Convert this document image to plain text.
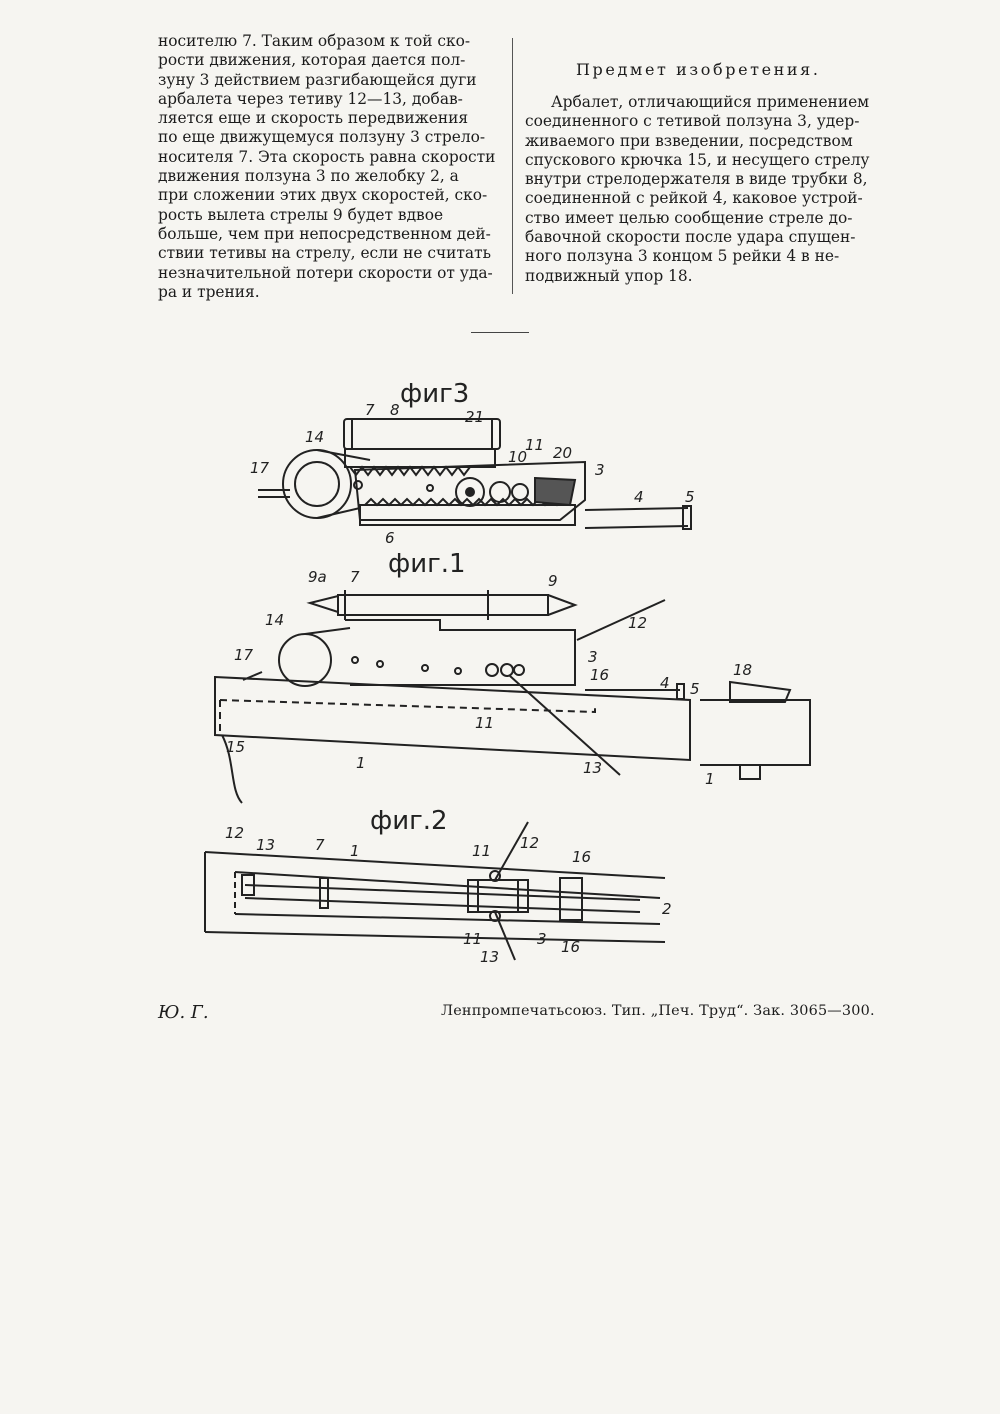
носителю 7. Таким образом к той ско-
рости движения, которая дается пол-
зуну 3 действием разгибающейся дуги
арбалета через тетиву 12—13, добав-
ляется еще и скорость передвижения
по еще движущемуся ползуну 3 стрело-
носителя 7. Эта скорость равна скорости
движения ползуна 3 по желобку 2, а
при сложении этих двух скоростей, ско-
рость вылета стрелы 9 будет вдвое
больше, чем при непосредственном дей-
ствии тетивы на стрелу, если не считать
незначительной потери скорости от уда-
ра и трения.
Предмет изобретения.
Арбалет, отличающийся применением
соединенного с тетивой ползуна 3, удер-
живаемого при взведении, посредством
спускового крючка 15, и несущего стрелу
внутри стрелодержателя в виде трубки 8,
соединенной с рейкой 4, каковое устрой-
ство имеет целью сообщение стреле до-
бавочной скорости после удара спущен-
ного ползуна 3 концом 5 рейки 4 в не-
подвижный упор 18.
фиг3
14
7 8	21
10
11 20
3
17
6
4	5
фиг.1
9а 7	9
12
14
17	3
16	4 5
18
11
13
15
1
1
фиг.2
12
13	7 1	11 12
16
2
11
13
3 16
Ю. Г.	Ленпромпечатьсоюз. Тип. „Печ. Труд“. Зак. 3065—300.
